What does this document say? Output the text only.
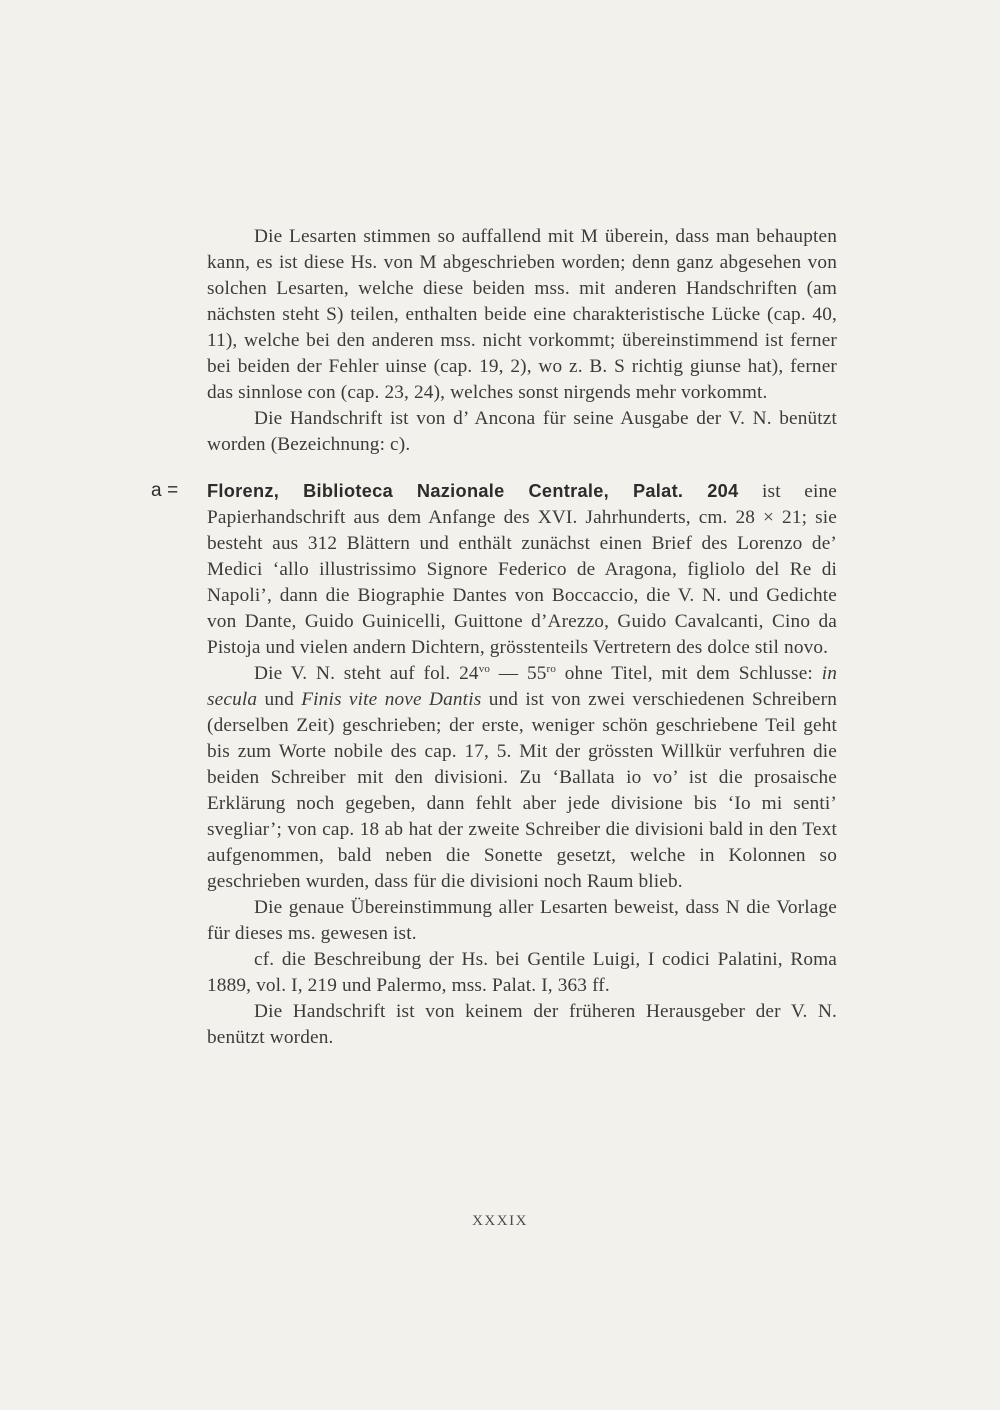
Die Lesarten stimmen so auffallend mit M überein, dass man behaupten kann, es ist diese Hs. von M abgeschrieben worden; denn ganz abgesehen von solchen Lesarten, welche diese beiden mss. mit anderen Handschriften (am nächsten steht S) teilen, enthalten beide eine charakteristische Lücke (cap. 40, 11), welche bei den anderen mss. nicht vorkommt; übereinstimmend ist ferner bei beiden der Fehler uinse (cap. 19, 2), wo z. B. S richtig giunse hat), ferner das sinnlose con (cap. 23, 24), welches sonst nirgends mehr vorkommt.

Die Handschrift ist von d’ Ancona für seine Ausgabe der V. N. benützt worden (Bezeichnung: c).

a = Florenz, Biblioteca Nazionale Centrale, Palat. 204 ist eine Papierhandschrift aus dem Anfange des XVI. Jahrhunderts, cm. 28 × 21; sie besteht aus 312 Blättern und enthält zunächst einen Brief des Lorenzo de’ Medici ‘allo illustrissimo Signore Federico de Aragona, figliolo del Re di Napoli’, dann die Biographie Dantes von Boccaccio, die V. N. und Gedichte von Dante, Guido Guinicelli, Guittone d’Arezzo, Guido Cavalcanti, Cino da Pistoja und vielen andern Dichtern, grösstenteils Vertretern des dolce stil novo.

Die V. N. steht auf fol. $24^{vo}$ — $55^{ro}$ ohne Titel, mit dem Schlusse: in secula und Finis vite nove Dantis und ist von zwei verschiedenen Schreibern (derselben Zeit) geschrieben; der erste, weniger schön geschriebene Teil geht bis zum Worte nobile des cap. 17, 5. Mit der grössten Willkür verfuhren die beiden Schreiber mit den divisioni. Zu ‘Ballata io vo’ ist die prosaische Erklärung noch gegeben, dann fehlt aber jede divisione bis ‘Io mi senti’ svegliar’; von cap. 18 ab hat der zweite Schreiber die divisioni bald in den Text aufgenommen, bald neben die Sonette gesetzt, welche in Kolonnen so geschrieben wurden, dass für die divisioni noch Raum blieb.

Die genaue Übereinstimmung aller Lesarten beweist, dass N die Vorlage für dieses ms. gewesen ist.

cf. die Beschreibung der Hs. bei Gentile Luigi, I codici Palatini, Roma 1889, vol. I, 219 und Palermo, mss. Palat. I, 363 ff.

Die Handschrift ist von keinem der früheren Herausgeber der V. N. benützt worden.

XXXIX
